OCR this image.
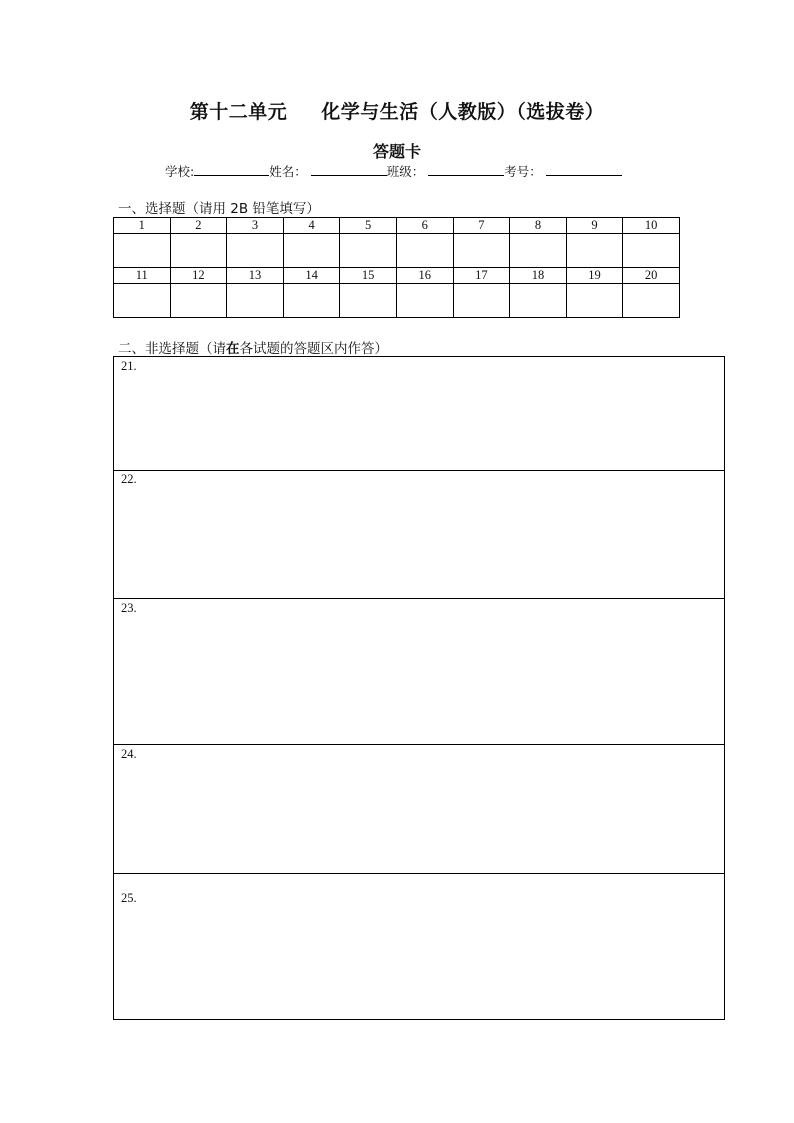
第十二单元 化学与生活（人教版）（选拔卷）
答题卡
学校:	姓名：	班级：	考号：
一、选择题（请用 2B 铅笔填写）
1	2	3	4	5	6	7	8	9	10

11	12	13	14	15	16	17	18	19	20

二、非选择题（请在各试题的答题区内作答）
21.
22.
23.
24.
25.
